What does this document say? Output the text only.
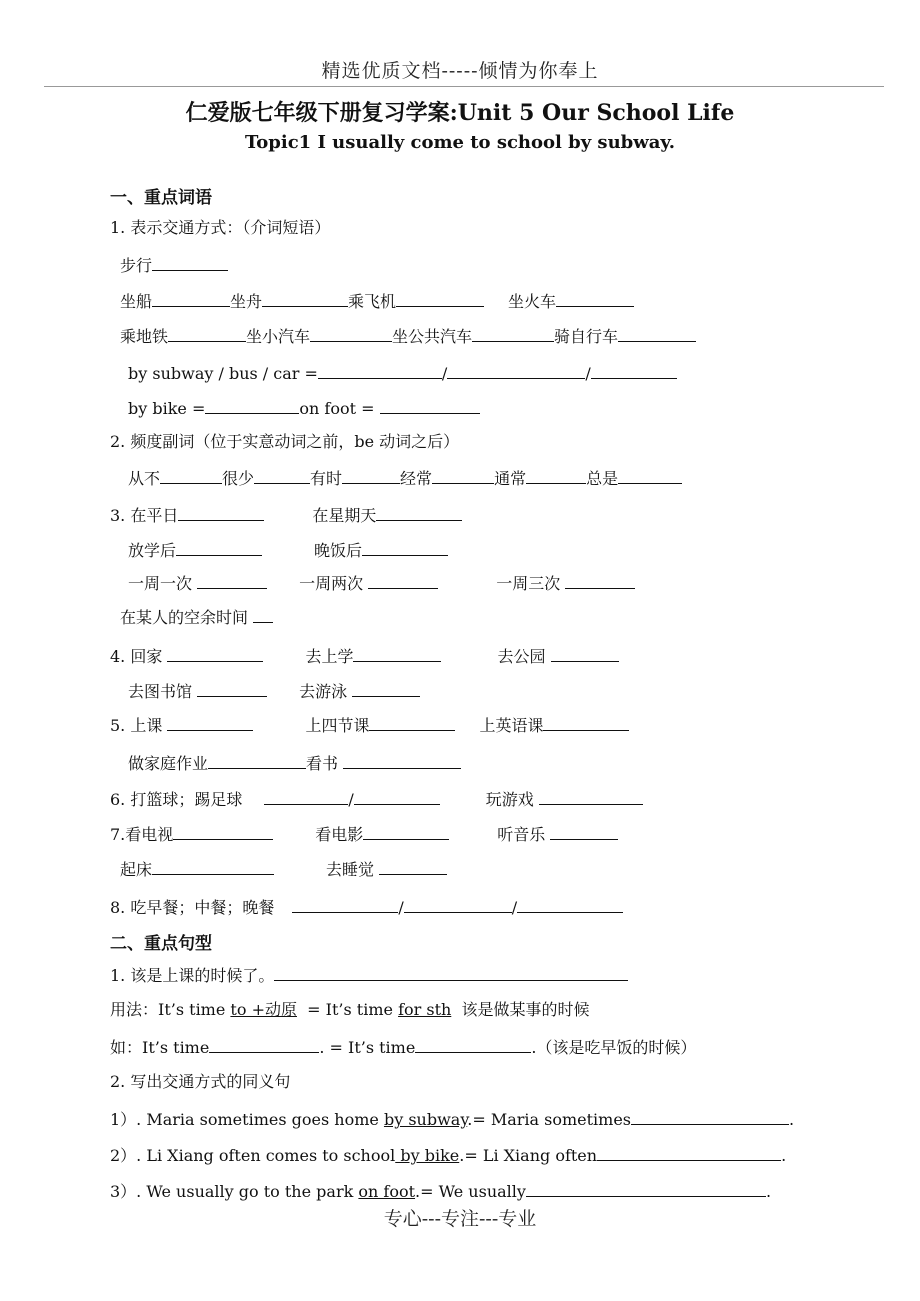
精选优质文档-----倾情为你奉上
仁爱版七年级下册复习学案:Unit 5 Our School Life
Topic1 I usually come to school by subway.
一、重点词语
1. 表示交通方式：（介词短语）
步行
坐船	坐舟	乘飞机	坐火车
乘地铁	坐小汽车	坐公共汽车	骑自行车
by subway / bus / car =	/	/
by bike =	on foot =
2. 频度副词（位于实意动词之前，be 动词之后）
从不	很少	有时	经常	通常	总是
3. 在平日	在星期天
放学后	晚饭后
一周一次	一周两次	一周三次
在某人的空余时间
4. 回家	去上学	去公园
去图书馆	去游泳
5. 上课	上四节课	上英语课
做家庭作业	看书
6. 打篮球；踢足球	/	玩游戏
7.看电视	看电影	听音乐
起床	去睡觉
8. 吃早餐；中餐；晚餐	/	/
二、重点句型
1. 该是上课的时候了。
用法：It’s time to +动原 = It’s time for sth 该是做某事的时候
如：It’s time	. = It’s time	.（该是吃早饭的时候）
2. 写出交通方式的同义句
1）. Maria sometimes goes home by subway.= Maria sometimes	.
2）. Li Xiang often comes to school by bike.= Li Xiang often	.
3）. We usually go to the park on foot.= We usually	.
专心---专注---专业
